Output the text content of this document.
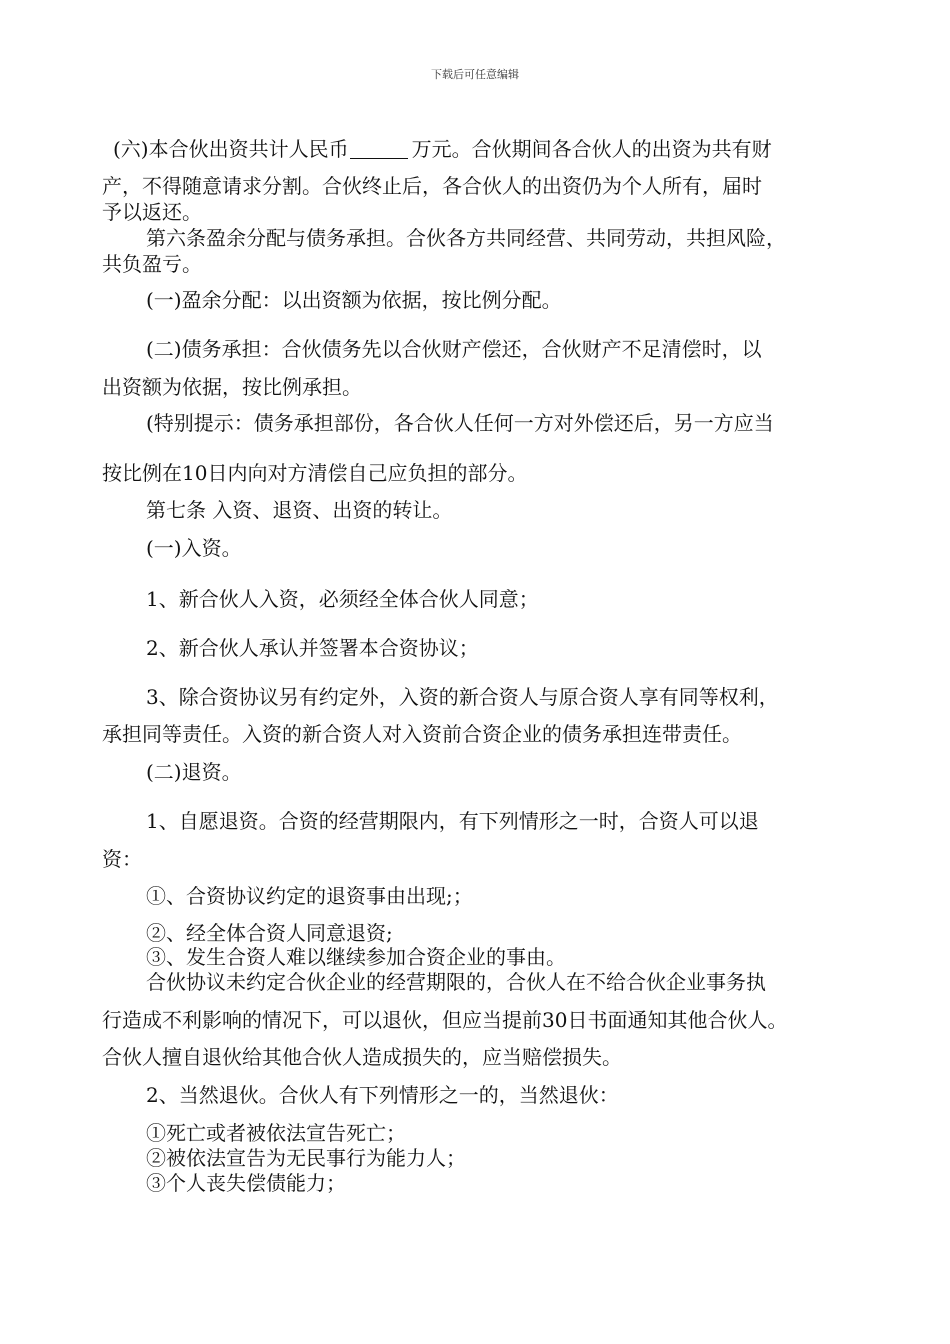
下载后可任意编辑
(六)本合伙出资共计人民币	万元。合伙期间各合伙人的出资为共有财
产，不得随意请求分割。合伙终止后，各合伙人的出资仍为个人所有，届时
予以返还。
第六条盈余分配与债务承担。合伙各方共同经营、共同劳动，共担风险，
共负盈亏。
(一)盈余分配：以出资额为依据，按比例分配。
(二)债务承担：合伙债务先以合伙财产偿还，合伙财产不足清偿时，以
出资额为依据，按比例承担。
(特别提示：债务承担部份，各合伙人任何一方对外偿还后，另一方应当
按比例在10日内向对方清偿自己应负担的部分。
第七条 入资、退资、出资的转让。
(一)入资。
1、新合伙人入资，必须经全体合伙人同意；
2、新合伙人承认并签署本合资协议；
3、除合资协议另有约定外，入资的新合资人与原合资人享有同等权利，
承担同等责任。入资的新合资人对入资前合资企业的债务承担连带责任。
(二)退资。
1、自愿退资。合资的经营期限内，有下列情形之一时，合资人可以退
资：
①、合资协议约定的退资事由出现;；
②、经全体合资人同意退资;
③、发生合资人难以继续参加合资企业的事由。
合伙协议未约定合伙企业的经营期限的，合伙人在不给合伙企业事务执
行造成不利影响的情况下，可以退伙，但应当提前30日书面通知其他合伙人。
合伙人擅自退伙给其他合伙人造成损失的，应当赔偿损失。
2、当然退伙。合伙人有下列情形之一的，当然退伙：
①死亡或者被依法宣告死亡；
②被依法宣告为无民事行为能力人；
③个人丧失偿债能力；
